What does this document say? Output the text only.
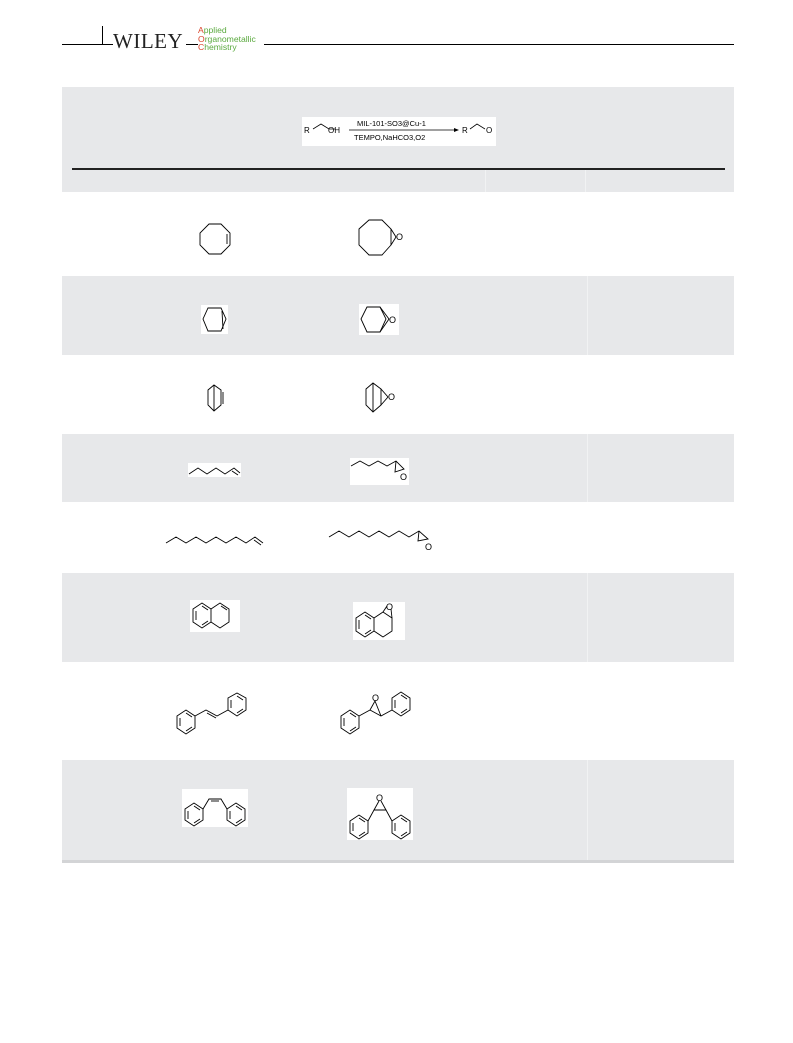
WILEY Applied
Organometallic
Chemistry
R OH
MIL-101-SO3@Cu-1
TEMPO,NaHCO3,O2
R O
O
O
O
O
O
O
O
O
